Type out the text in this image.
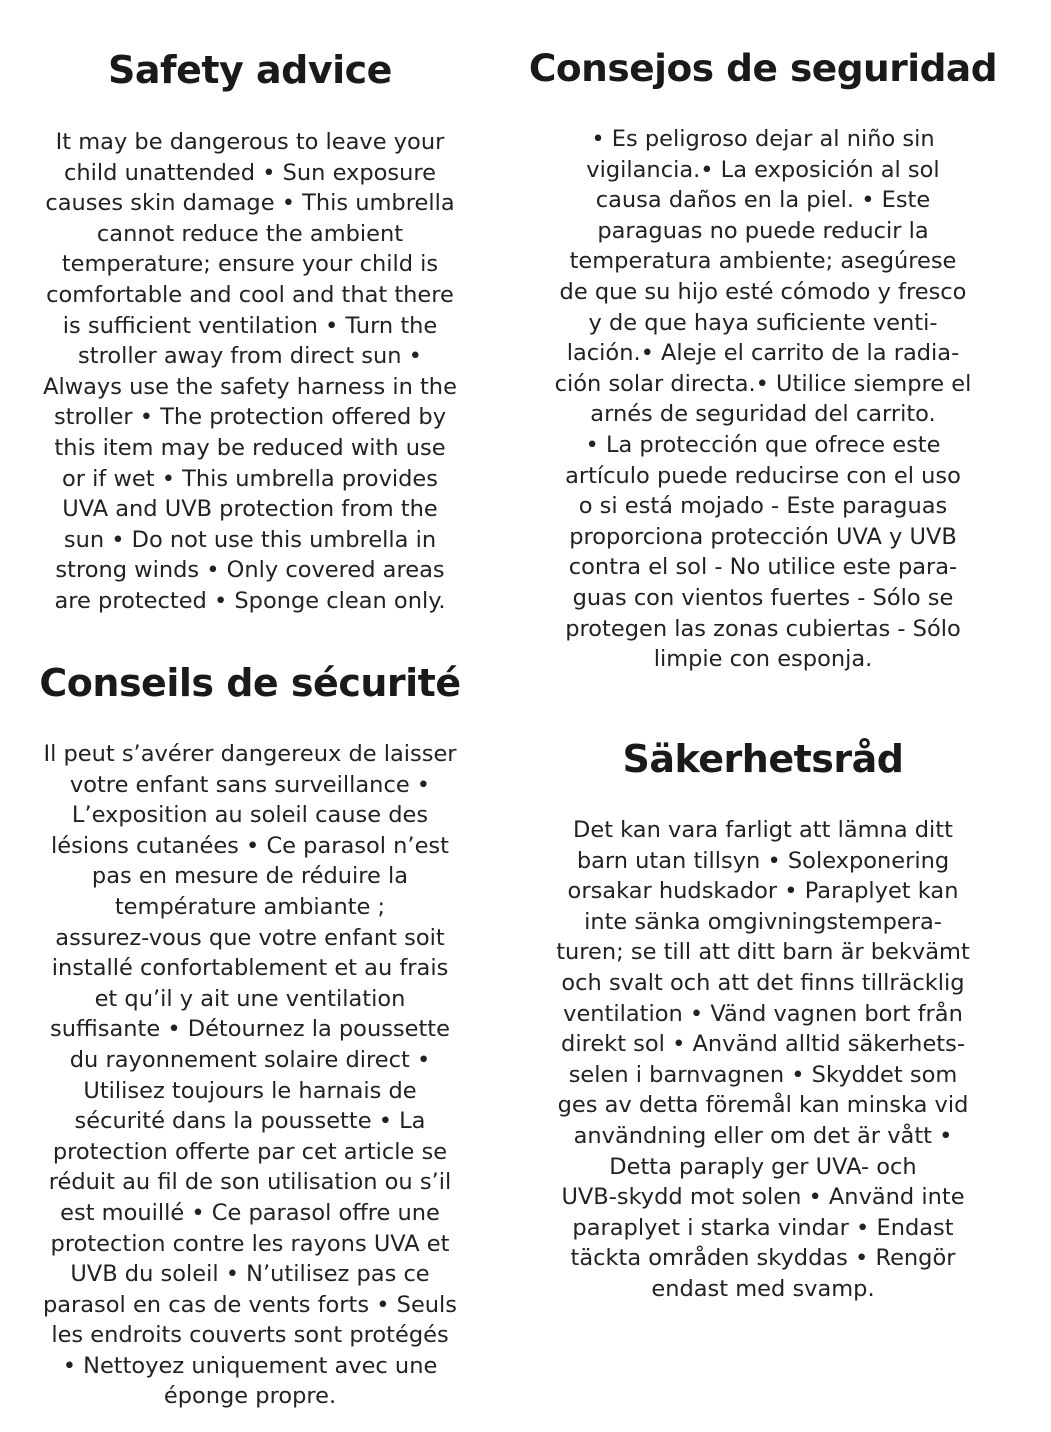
Safety advice
It may be dangerous to leave your
child unattended • Sun exposure
causes skin damage • This umbrella
cannot reduce the ambient
temperature; ensure your child is
comfortable and cool and that there
is sufficient ventilation • Turn the
stroller away from direct sun •
Always use the safety harness in the
stroller • The protection offered by
this item may be reduced with use
or if wet • This umbrella provides
UVA and UVB protection from the
sun • Do not use this umbrella in
strong winds • Only covered areas
are protected • Sponge clean only.
Consejos de seguridad
• Es peligroso dejar al niño sin
vigilancia.• La exposición al sol
causa daños en la piel. • Este
paraguas no puede reducir la
temperatura ambiente; asegúrese
de que su hijo esté cómodo y fresco
y de que haya suficiente venti-
lación.• Aleje el carrito de la radia-
ción solar directa.• Utilice siempre el
arnés de seguridad del carrito.
• La protección que ofrece este
artículo puede reducirse con el uso
o si está mojado - Este paraguas
proporciona protección UVA y UVB
contra el sol - No utilice este para-
guas con vientos fuertes - Sólo se
protegen las zonas cubiertas - Sólo
limpie con esponja.
Conseils de sécurité
Il peut s’avérer dangereux de laisser
votre enfant sans surveillance •
L’exposition au soleil cause des
lésions cutanées • Ce parasol n’est
pas en mesure de réduire la
température ambiante ;
assurez-vous que votre enfant soit
installé confortablement et au frais
et qu’il y ait une ventilation
suffisante • Détournez la poussette
du rayonnement solaire direct •
Utilisez toujours le harnais de
sécurité dans la poussette • La
protection offerte par cet article se
réduit au fil de son utilisation ou s’il
est mouillé • Ce parasol offre une
protection contre les rayons UVA et
UVB du soleil • N’utilisez pas ce
parasol en cas de vents forts • Seuls
les endroits couverts sont protégés
• Nettoyez uniquement avec une
éponge propre.
Säkerhetsråd
Det kan vara farligt att lämna ditt
barn utan tillsyn • Solexponering
orsakar hudskador • Paraplyet kan
inte sänka omgivningstempera-
turen; se till att ditt barn är bekvämt
och svalt och att det finns tillräcklig
ventilation • Vänd vagnen bort från
direkt sol • Använd alltid säkerhets-
selen i barnvagnen • Skyddet som
ges av detta föremål kan minska vid
användning eller om det är vått •
Detta paraply ger UVA- och
UVB-skydd mot solen • Använd inte
paraplyet i starka vindar • Endast
täckta områden skyddas • Rengör
endast med svamp.
